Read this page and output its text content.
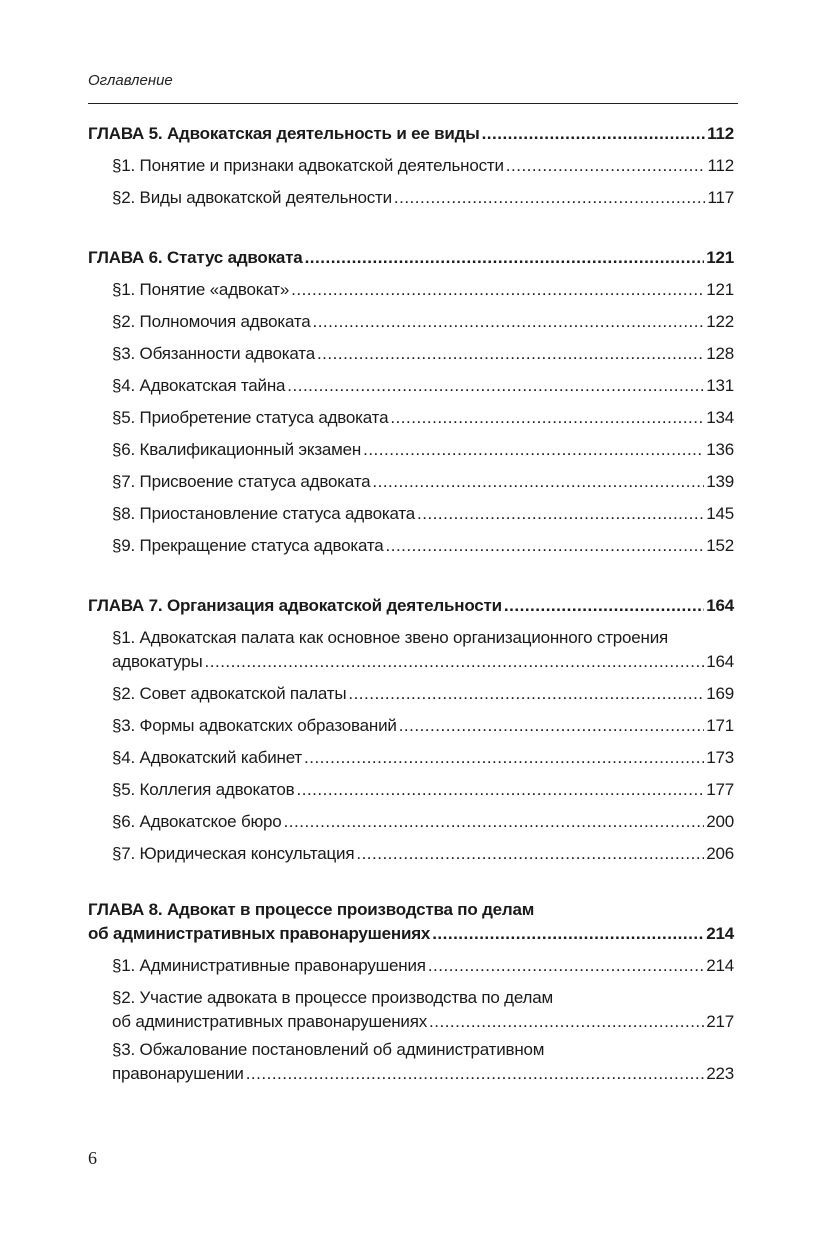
Оглавление
ГЛАВА 5. Адвокатская деятельность и ее виды .....	112
§1. Понятие и признаки адвокатской деятельности .....	112
§2. Виды адвокатской деятельности .....	117
ГЛАВА 6. Статус адвоката .....	121
§1. Понятие «адвокат» .....	121
§2. Полномочия адвоката .....	122
§3. Обязанности адвоката .....	128
§4. Адвокатская тайна .....	131
§5. Приобретение статуса адвоката .....	134
§6. Квалификационный экзамен .....	136
§7. Присвоение статуса адвоката .....	139
§8. Приостановление статуса адвоката .....	145
§9. Прекращение статуса адвоката .....	152
ГЛАВА 7. Организация адвокатской деятельности .....	164
§1. Адвокатская палата как основное звено организационного строения
адвокатуры .....	164
§2. Совет адвокатской палаты .....	169
§3. Формы адвокатских образований .....	171
§4. Адвокатский кабинет .....	173
§5. Коллегия адвокатов .....	177
§6. Адвокатское бюро .....	200
§7. Юридическая консультация .....	206
ГЛАВА 8. Адвокат в процессе производства по делам
об административных правонарушениях .....	214
§1. Административные правонарушения .....	214
§2. Участие адвоката в процессе производства по делам
об административных правонарушениях .....	217
§3. Обжалование постановлений об административном
правонарушении .....	223
6
